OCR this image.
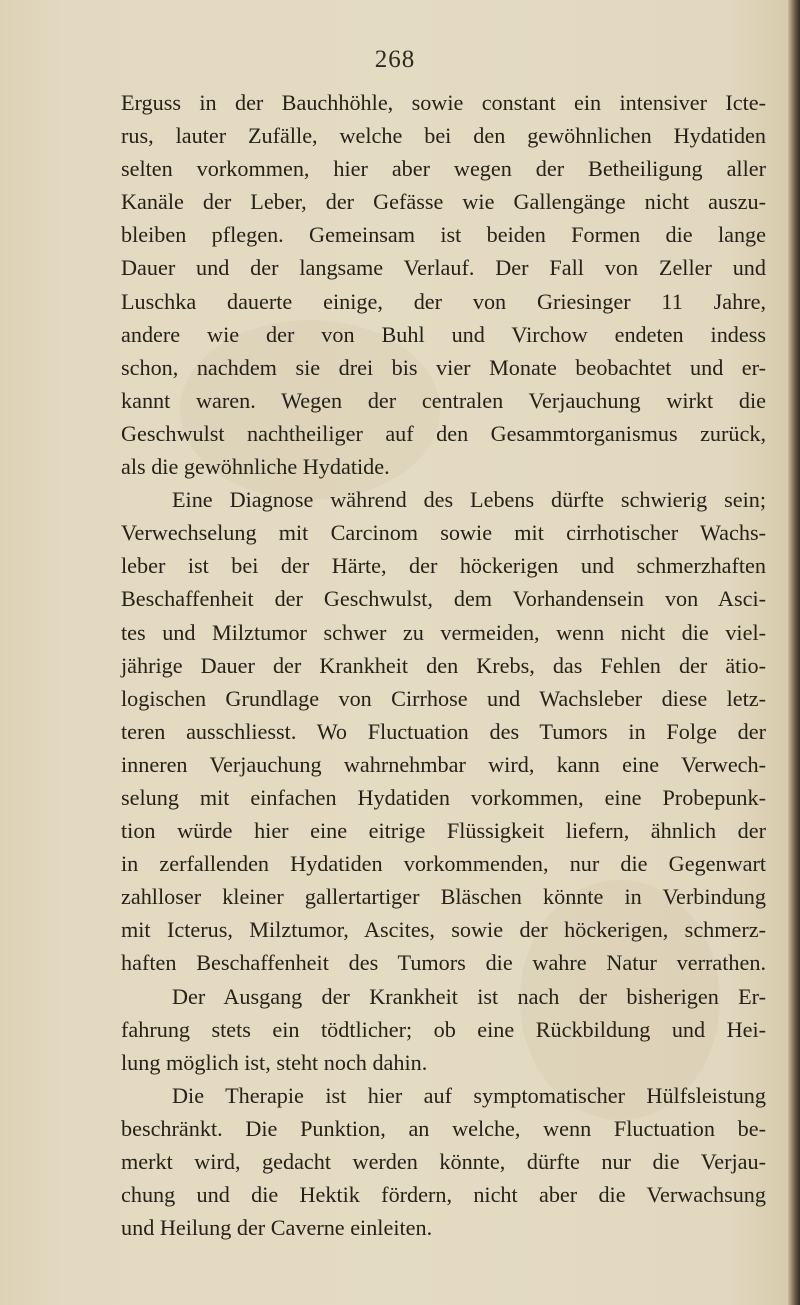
268
Erguss in der Bauchhöhle, sowie constant ein intensiver Icte-
rus, lauter Zufälle, welche bei den gewöhnlichen Hydatiden
selten vorkommen, hier aber wegen der Betheiligung aller
Kanäle der Leber, der Gefässe wie Gallengänge nicht auszu-
bleiben pflegen. Gemeinsam ist beiden Formen die lange
Dauer und der langsame Verlauf. Der Fall von Zeller und
Luschka dauerte einige, der von Griesinger 11 Jahre,
andere wie der von Buhl und Virchow endeten indess
schon, nachdem sie drei bis vier Monate beobachtet und er-
kannt waren. Wegen der centralen Verjauchung wirkt die
Geschwulst nachtheiliger auf den Gesammtorganismus zurück,
als die gewöhnliche Hydatide.
Eine Diagnose während des Lebens dürfte schwierig sein;
Verwechselung mit Carcinom sowie mit cirrhotischer Wachs-
leber ist bei der Härte, der höckerigen und schmerzhaften
Beschaffenheit der Geschwulst, dem Vorhandensein von Asci-
tes und Milztumor schwer zu vermeiden, wenn nicht die viel-
jährige Dauer der Krankheit den Krebs, das Fehlen der ätio-
logischen Grundlage von Cirrhose und Wachsleber diese letz-
teren ausschliesst. Wo Fluctuation des Tumors in Folge der
inneren Verjauchung wahrnehmbar wird, kann eine Verwech-
selung mit einfachen Hydatiden vorkommen, eine Probepunk-
tion würde hier eine eitrige Flüssigkeit liefern, ähnlich der
in zerfallenden Hydatiden vorkommenden, nur die Gegenwart
zahlloser kleiner gallertartiger Bläschen könnte in Verbindung
mit Icterus, Milztumor, Ascites, sowie der höckerigen, schmerz-
haften Beschaffenheit des Tumors die wahre Natur verrathen.
Der Ausgang der Krankheit ist nach der bisherigen Er-
fahrung stets ein tödtlicher; ob eine Rückbildung und Hei-
lung möglich ist, steht noch dahin.
Die Therapie ist hier auf symptomatischer Hülfsleistung
beschränkt. Die Punktion, an welche, wenn Fluctuation be-
merkt wird, gedacht werden könnte, dürfte nur die Verjau-
chung und die Hektik fördern, nicht aber die Verwachsung
und Heilung der Caverne einleiten.
